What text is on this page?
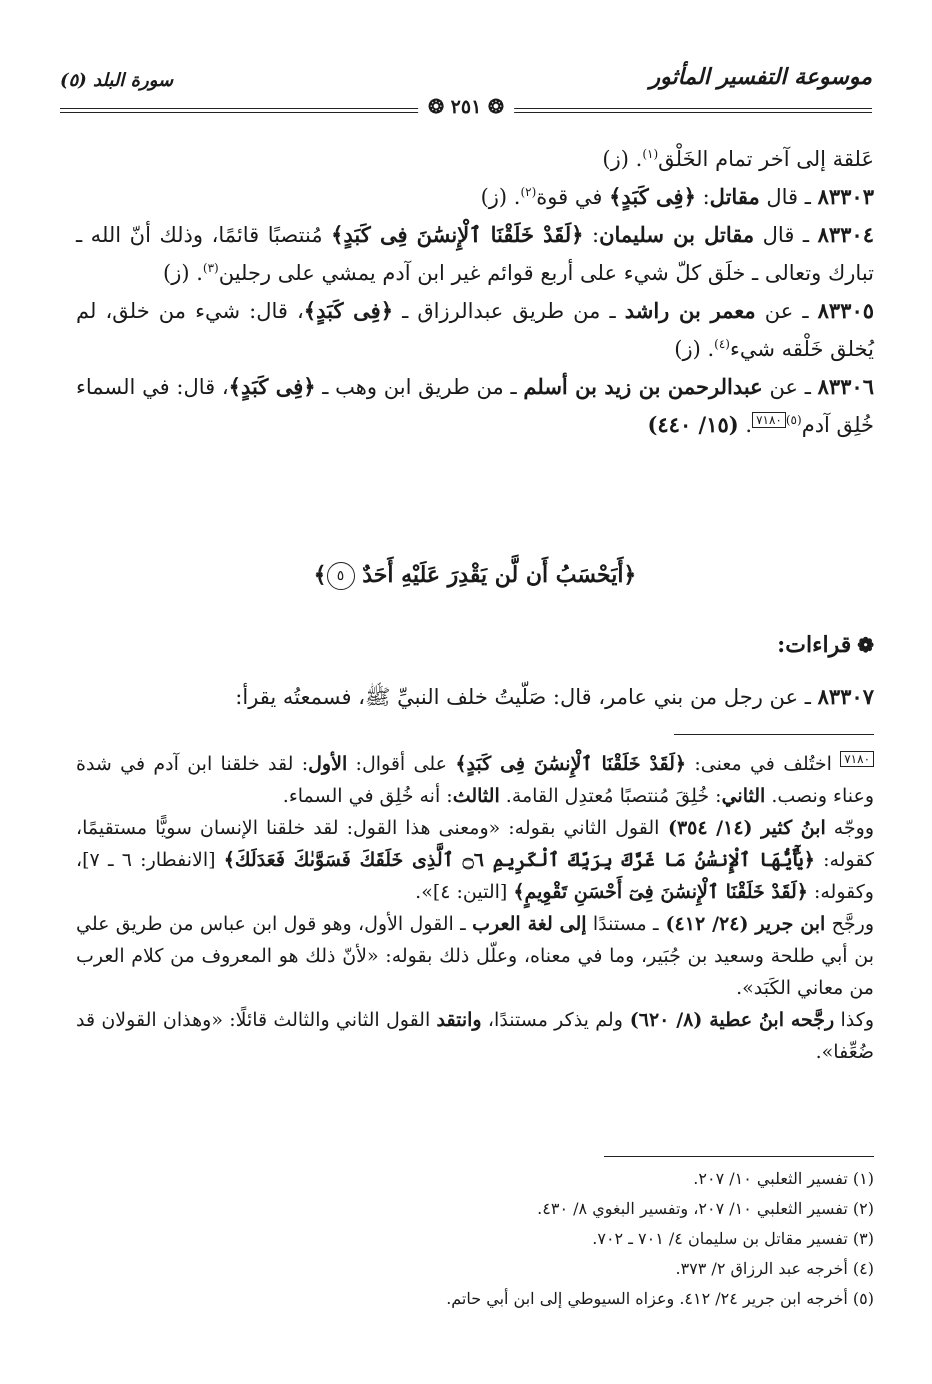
موسوعة التفسير المأثور
سورة البلد (٥)
❂ ۲٥۱ ❂

عَلقة إلى آخر تمام الخَلْق$^{(١)}$. (ز)

٨٣٣٠٣ ـ قال مقاتل: ﴿فِى كَبَدٍ﴾ في قوة$^{(٢)}$. (ز)

٨٣٣٠٤ ـ قال مقاتل بن سليمان: ﴿لَقَدْ خَلَقْنَا ٱلْإِنسَٰنَ فِى كَبَدٍ﴾ مُنتصبًا قائمًا، وذلك أنّ الله ـ تبارك وتعالى ـ خلَق كلّ شيء على أربع قوائم غير ابن آدم يمشي على رجلين$^{(٣)}$. (ز)

٨٣٣٠٥ ـ عن معمر بن راشد ـ من طريق عبدالرزاق ـ ﴿فِى كَبَدٍ﴾، قال: شيء من خلق، لم يُخلق خَلْقه شيء$^{(٤)}$. (ز)

٨٣٣٠٦ ـ عن عبدالرحمن بن زيد بن أسلم ـ من طريق ابن وهب ـ ﴿فِى كَبَدٍ﴾، قال: في السماء خُلِق آدم$^{(٥)}$٧١٨٠. (١٥/ ٤٤٠)

﴿أَيَحْسَبُ أَن لَّن يَقْدِرَ عَلَيْهِ أَحَدٌ ٥﴾
❁قراءات:
٨٣٣٠٧ ـ عن رجل من بني عامر، قال: صَلّيتُ خلف النبيِّ ﷺ، فسمعتُه يقرأ:

٧١٨٠ اختُلف في معنى: ﴿لَقَدْ خَلَقْنَا ٱلْإِنسَٰنَ فِى كَبَدٍ﴾ على أقوال: الأول: لقد خلقنا ابن آدم في شدة وعناء ونصب. الثاني: خُلِقَ مُنتصبًا مُعتدِل القامة. الثالث: أنه خُلِق في السماء.

ووجّه ابنُ كثير (١٤/ ٣٥٤) القول الثاني بقوله: «ومعنى هذا القول: لقد خلقنا الإنسان سويًّا مستقيمًا، كقوله: ﴿يَٰٓأَيُّهَا ٱلْإِنسَٰنُ مَا غَرَّكَ بِرَبِّكَ ٱلْكَرِيمِ ۝٦ ٱلَّذِى خَلَقَكَ فَسَوَّىٰكَ فَعَدَلَكَ﴾ [الانفطار: ٦ ـ ٧]، وكقوله: ﴿لَقَدْ خَلَقْنَا ٱلْإِنسَٰنَ فِىٓ أَحْسَنِ تَقْوِيمٍ﴾ [التين: ٤]».

ورجَّح ابن جرير (٢٤/ ٤١٢) ـ مستندًا إلى لغة العرب ـ القول الأول، وهو قول ابن عباس من طريق علي بن أبي طلحة وسعيد بن جُبَير، وما في معناه، وعلّل ذلك بقوله: «لأنّ ذلك هو المعروف من كلام العرب من معاني الكَبَد».

وكذا رجَّحه ابنُ عطية (٨/ ٦٢٠) ولم يذكر مستندًا، وانتقد القول الثاني والثالث قائلًا: «وهذان القولان قد ضُعِّفا».

(١) تفسير الثعلبي ١٠/ ٢٠٧.
(٢) تفسير الثعلبي ١٠/ ٢٠٧، وتفسير البغوي ٨/ ٤٣٠.
(٣) تفسير مقاتل بن سليمان ٤/ ٧٠١ ـ ٧٠٢.
(٤) أخرجه عبد الرزاق ٢/ ٣٧٣.
(٥) أخرجه ابن جرير ٢٤/ ٤١٢. وعزاه السيوطي إلى ابن أبي حاتم.
